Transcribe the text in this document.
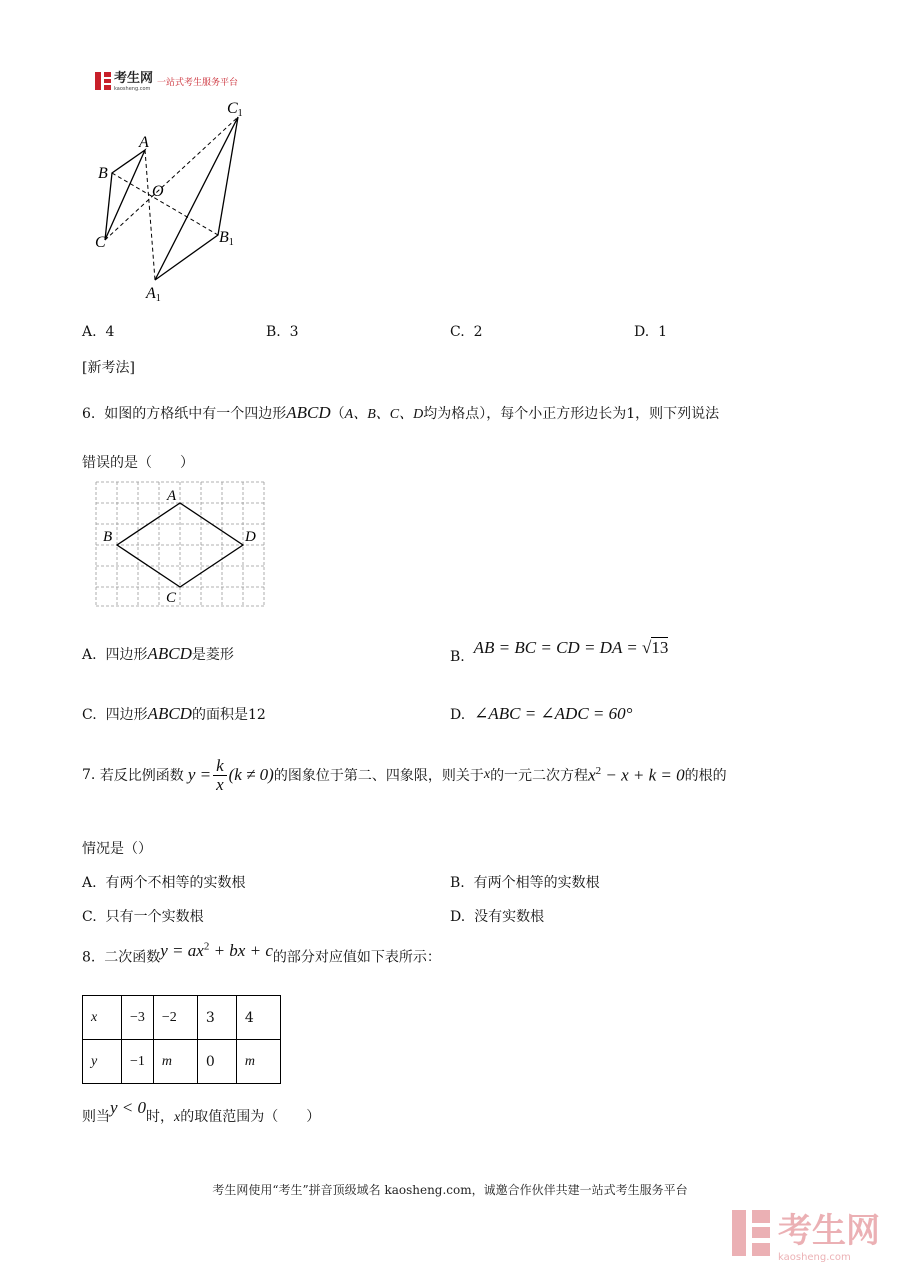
考生网
kaosheng.com
一站式考生服务平台
C1
A
B
O
C	B1
A1
A. 4	B. 3	C. 2	D. 1
[新考法]
6. 如图的方格纸中有一个四边形ABCD（A、B、C、D均为格点），每个小正方形边长为1，则下列说法
错误的是（　　）
A
B	D
C
A. 四边形ABCD是菱形	B. AB = BC = CD = DA = √13
C. 四边形ABCD的面积是12	D. ∠ABC = ∠ADC = 60°
7.
若反比例函数 $y = \frac{k}{x} (k \ne 0)$ 的图象位于第二、四象限，则关于 x 的一元二次方程 $x^2 - x + k = 0$ 的根的
情况是（）
A. 有两个不相等的实数根	B. 有两个相等的实数根
C. 只有一个实数根	D. 没有实数根
8. 二次函数$y = ax^2$ + bx + c的部分对应值如下表所示：
x	−3	−2	3	4
y	−1	m	0	m
则当y < 0时，x的取值范围为（　　）
考生网使用“考生”拼音顶级域名 kaosheng.com，诚邀合作伙伴共建一站式考生服务平台
考生网
kaosheng.com
